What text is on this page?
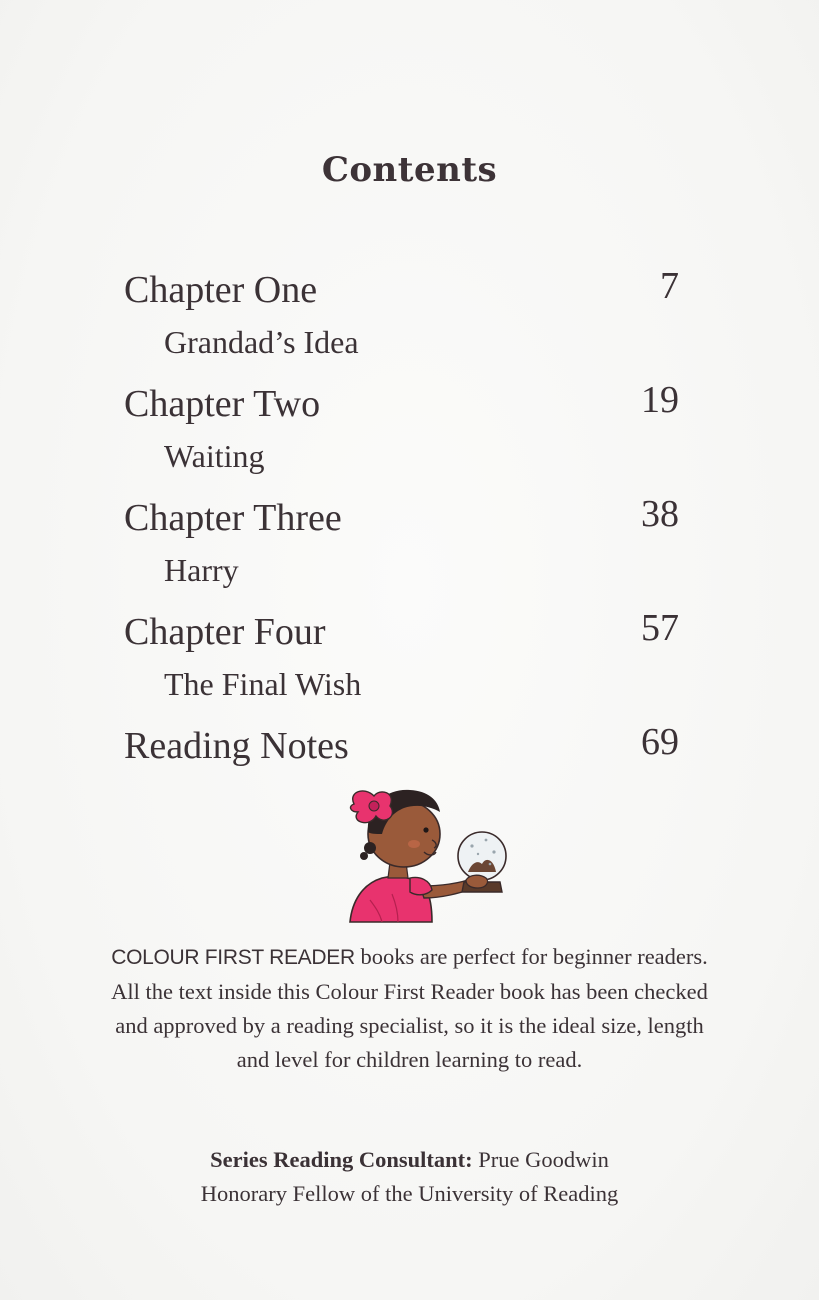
Contents
Chapter One
Grandad’s Idea
7
Chapter Two
Waiting
19
Chapter Three
Harry
38
Chapter Four
The Final Wish
57
Reading Notes	69
COLOUR FIRST READER books are perfect for beginner readers. All the text inside this Colour First Reader book has been checked and approved by a reading specialist, so it is the ideal size, length and level for children learning to read.
Series Reading Consultant: Prue Goodwin
Honorary Fellow of the University of Reading
